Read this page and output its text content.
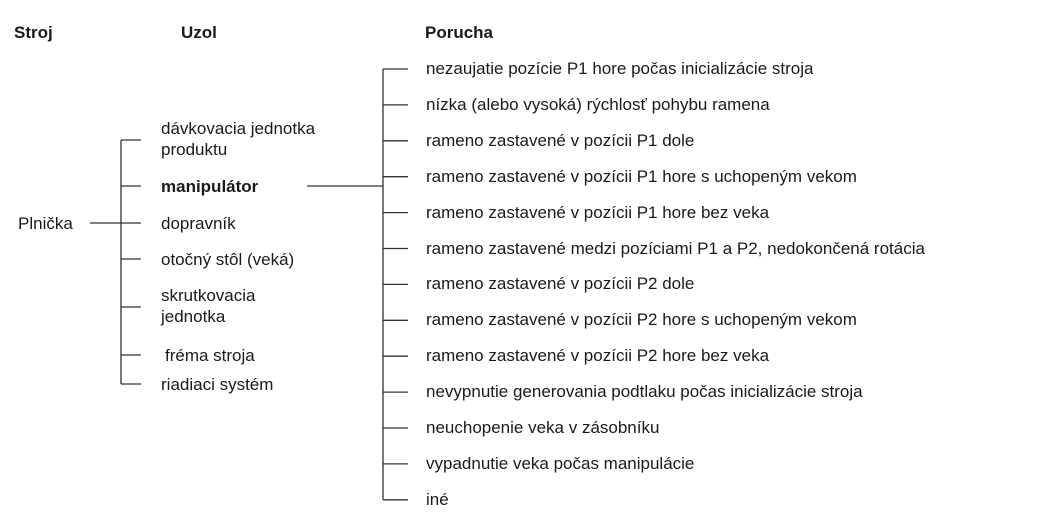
Stroj	Uzol	Porucha
Plnička
dávkovacia jednotka
produktu
manipulátor
dopravník
otočný stôl (veká)
skrutkovacia
jednotka
fréma stroja
riadiaci systém
nezaujatie pozície P1 hore počas inicializácie stroja
nízka (alebo vysoká) rýchlosť pohybu ramena
rameno zastavené v pozícii P1 dole
rameno zastavené v pozícii P1 hore s uchopeným vekom
rameno zastavené v pozícii P1 hore bez veka
rameno zastavené medzi pozíciami P1 a P2, nedokončená rotácia
rameno zastavené v pozícii P2 dole
rameno zastavené v pozícii P2 hore s uchopeným vekom
rameno zastavené v pozícii P2 hore bez veka
nevypnutie generovania podtlaku počas inicializácie stroja
neuchopenie veka v zásobníku
vypadnutie veka počas manipulácie
iné
